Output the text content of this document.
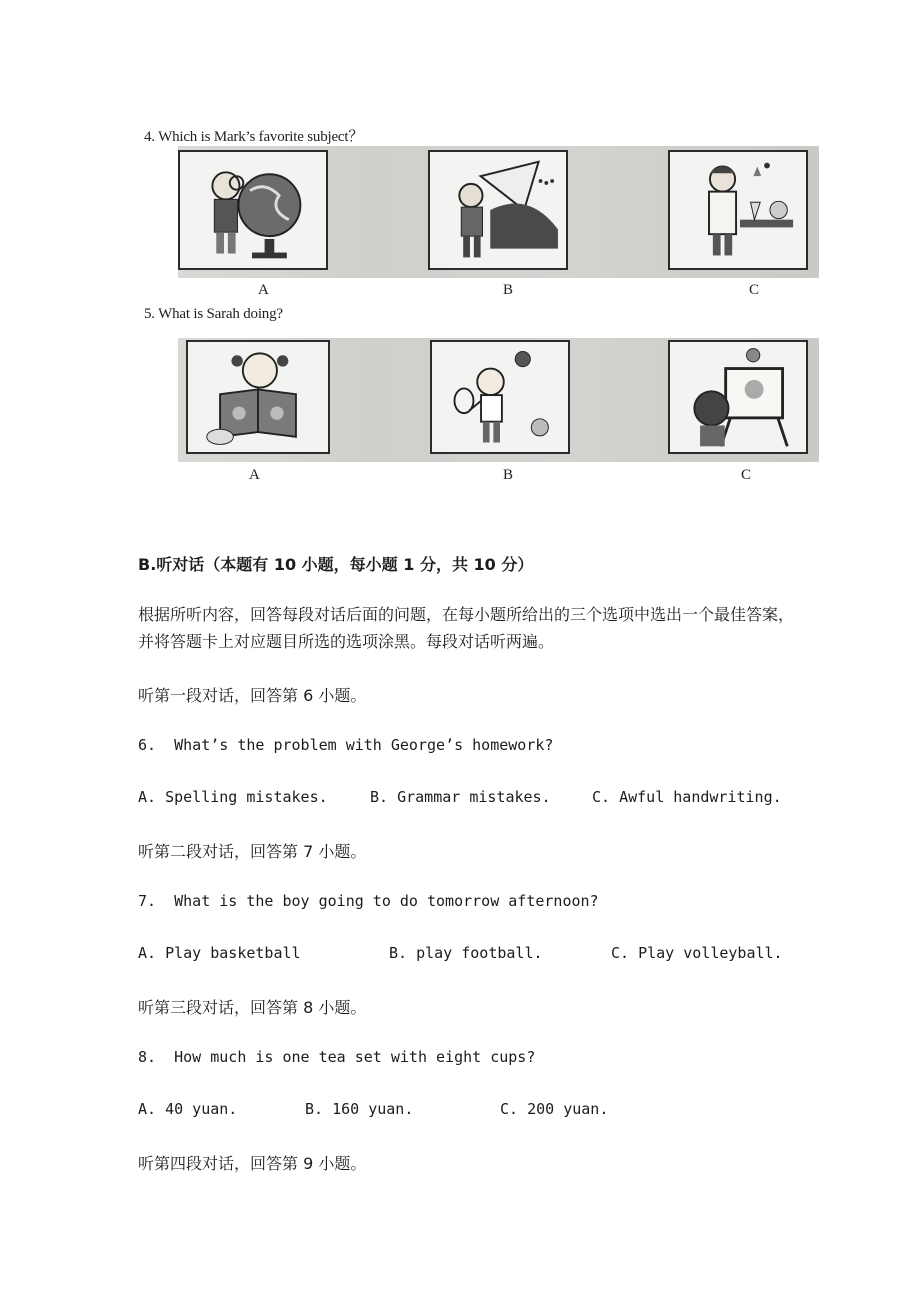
4. Which is Mark’s favorite subject？
A	B	C
5. What is Sarah doing?
A	B	C
B.听对话（本题有 10 小题，每小题 1 分，共 10 分）
根据所听内容，回答每段对话后面的问题，在每小题所给出的三个选项中选出一个最佳答案，并将答题卡上对应题目所选的选项涂黑。每段对话听两遍。
听第一段对话，回答第 6 小题。
6.  What’s the problem with George’s homework?
A. Spelling mistakes.	B. Grammar mistakes.	C. Awful handwriting.
听第二段对话，回答第 7 小题。
7.  What is the boy going to do tomorrow afternoon?
A. Play basketball	B. play football.	C. Play volleyball.
听第三段对话，回答第 8 小题。
8.  How much is one tea set with eight cups?
A. 40 yuan.	B. 160 yuan.	C. 200 yuan.
听第四段对话，回答第 9 小题。
